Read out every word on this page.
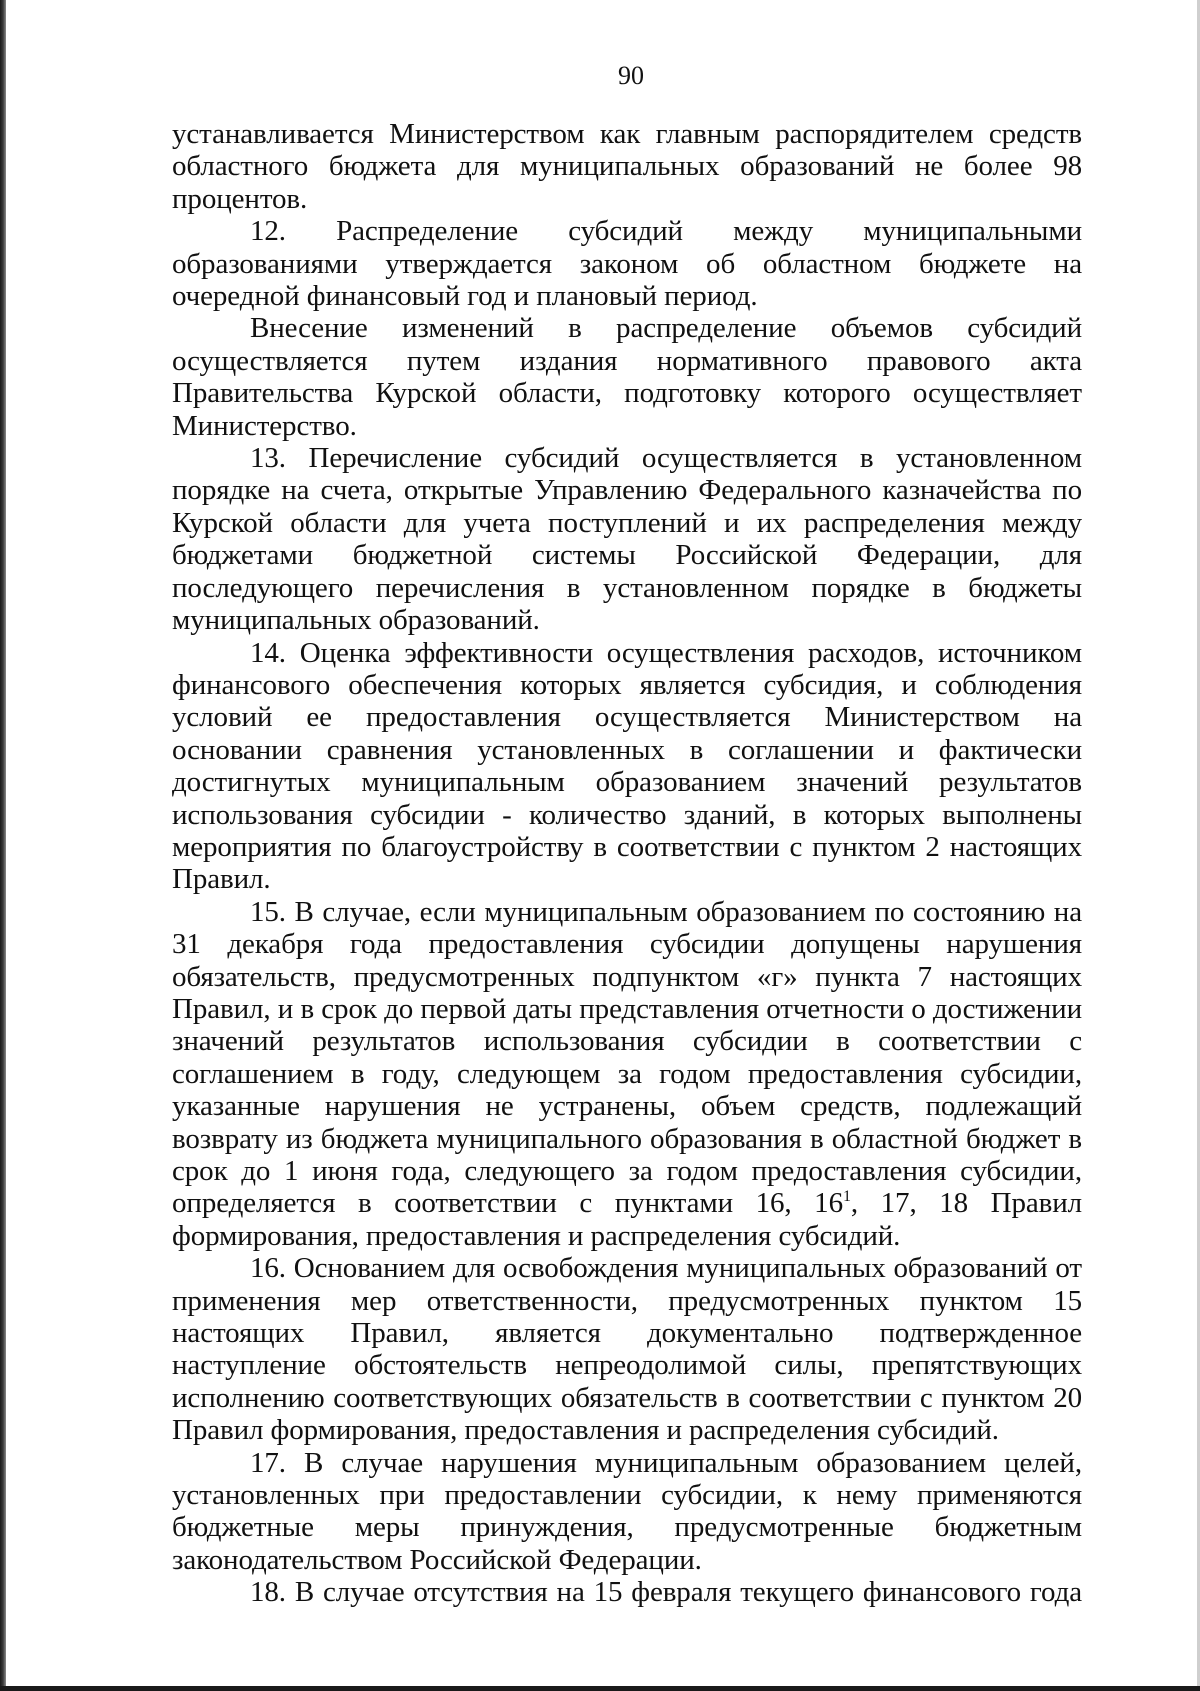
90

устанавливается Министерством как главным распорядителем средств областного бюджета для муниципальных образований не более 98 процентов.

12. Распределение субсидий между муниципальными образованиями утверждается законом об областном бюджете на очередной финансовый год и плановый период.

Внесение изменений в распределение объемов субсидий осуществляется путем издания нормативного правового акта Правительства Курской области, подготовку которого осуществляет Министерство.

13. Перечисление субсидий осуществляется в установленном порядке на счета, открытые Управлению Федерального казначейства по Курской области для учета поступлений и их распределения между бюджетами бюджетной системы Российской Федерации, для последующего перечисления в установленном порядке в бюджеты муниципальных образований.

14. Оценка эффективности осуществления расходов, источником финансового обеспечения которых является субсидия, и соблюдения условий ее предоставления осуществляется Министерством на основании сравнения установленных в соглашении и фактически достигнутых муниципальным образованием значений результатов использования субсидии - количество зданий, в которых выполнены мероприятия по благоустройству в соответствии с пунктом 2 настоящих Правил.

15. В случае, если муниципальным образованием по состоянию на 31 декабря года предоставления субсидии допущены нарушения обязательств, предусмотренных подпунктом «г» пункта 7 настоящих Правил, и в срок до первой даты представления отчетности о достижении значений результатов использования субсидии в соответствии с соглашением в году, следующем за годом предоставления субсидии, указанные нарушения не устранены, объем средств, подлежащий возврату из бюджета муниципального образования в областной бюджет в срок до 1 июня года, следующего за годом предоставления субсидии, определяется в соответствии с пунктами 16, $16^1$, 17, 18 Правил формирования, предоставления и распределения субсидий.

16. Основанием для освобождения муниципальных образований от применения мер ответственности, предусмотренных пунктом 15 настоящих Правил, является документально подтвержденное наступление обстоятельств непреодолимой силы, препятствующих исполнению соответствующих обязательств в соответствии с пунктом 20 Правил формирования, предоставления и распределения субсидий.

17. В случае нарушения муниципальным образованием целей, установленных при предоставлении субсидии, к нему применяются бюджетные меры принуждения, предусмотренные бюджетным законодательством Российской Федерации.

18. В случае отсутствия на 15 февраля текущего финансового года
